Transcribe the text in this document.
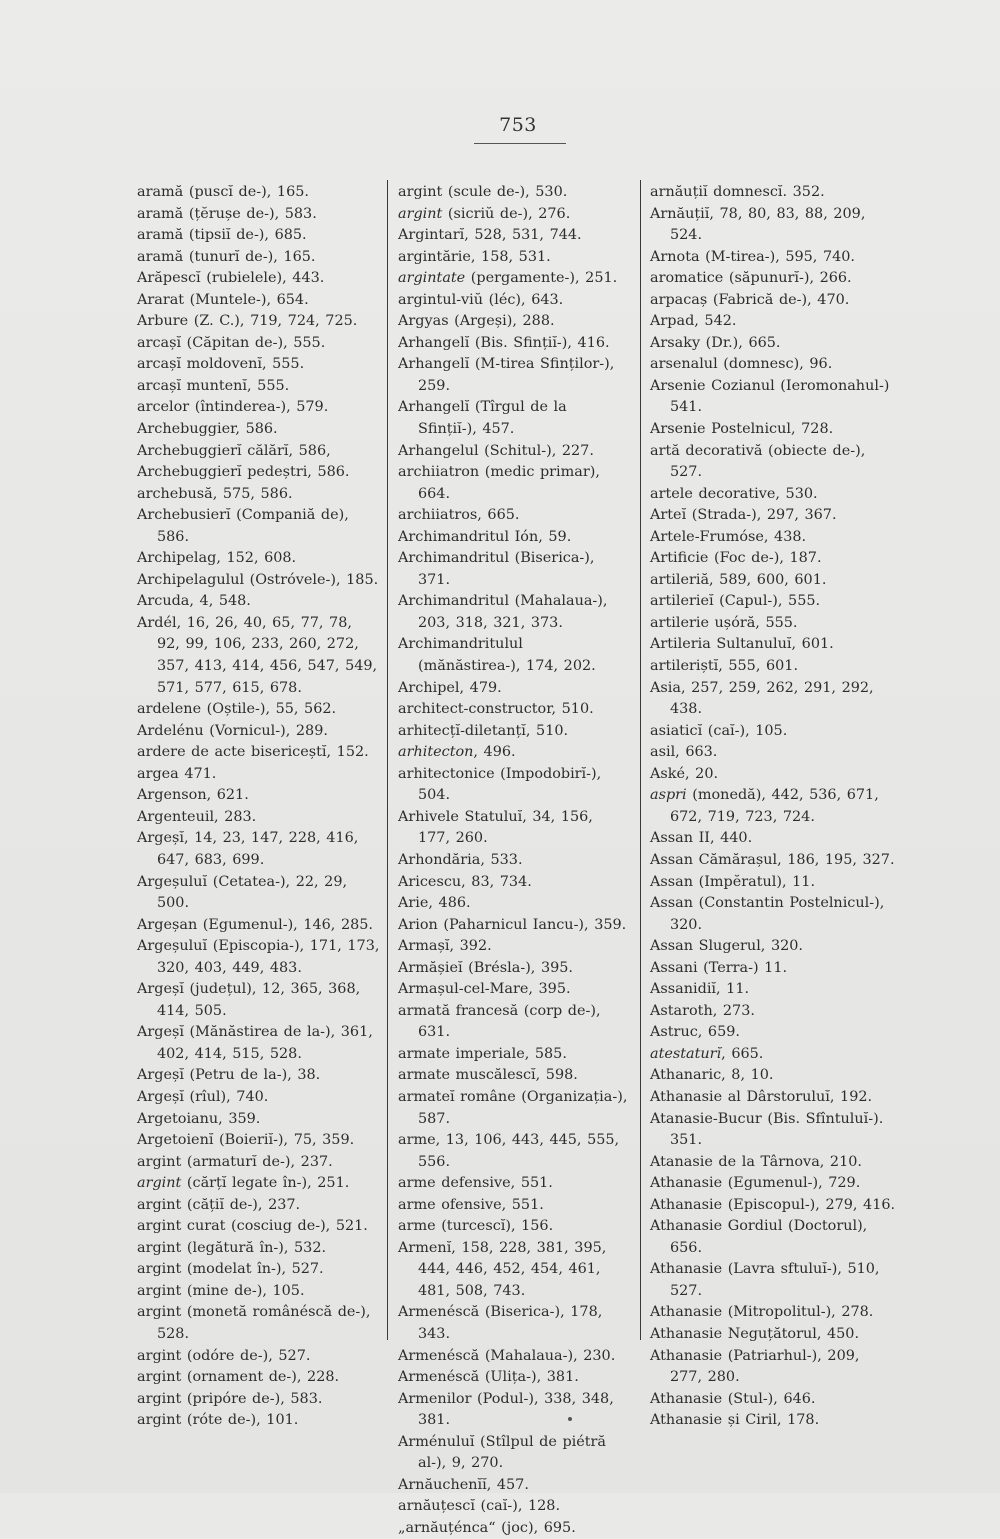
753
aramă (puscĭ de-), 165.
aramă (țĕrușe de-), 583.
aramă (tipsiĭ de-), 685.
aramă (tunurĭ de-), 165.
Arăpescĭ (rubielele), 443.
Ararat (Muntele-), 654.
Arbure (Z. C.), 719, 724, 725.
arcașĭ (Căpitan de-), 555.
arcașĭ moldovenĭ, 555.
arcașĭ muntenĭ, 555.
arcelor (întinderea-), 579.
Archebuggier, 586.
Archebuggierĭ călărĭ, 586,
Archebuggierĭ pedeștri, 586.
archebusă, 575, 586.
Archebusierĭ (Companiă de), 586.
Archipelag, 152, 608.
Archipelagulul (Ostróvele-), 185.
Arcuda, 4, 548.
Ardél, 16, 26, 40, 65, 77, 78, 92, 99, 106, 233, 260, 272, 357, 413, 414, 456, 547, 549, 571, 577, 615, 678.
ardelene (Oștile-), 55, 562.
Ardelénu (Vornicul-), 289.
ardere de acte bisericeștĭ, 152.
argea 471.
Argenson, 621.
Argenteuil, 283.
Argeșĭ, 14, 23, 147, 228, 416, 647, 683, 699.
Argeșuluĭ (Cetatea-), 22, 29, 500.
Argeșan (Egumenul-), 146, 285.
Argeșuluĭ (Episcopia-), 171, 173, 320, 403, 449, 483.
Argeșĭ (județul), 12, 365, 368, 414, 505.
Argeșĭ (Mănăstirea de la-), 361, 402, 414, 515, 528.
Argeșĭ (Petru de la-), 38.
Argeșĭ (rîul), 740.
Argetoianu, 359.
Argetoienĭ (Boieriĭ-), 75, 359.
argint (armaturĭ de-), 237.
argint (cărțĭ legate în-), 251.
argint (cățiĭ de-), 237.
argint curat (cosciug de-), 521.
argint (legătură în-), 532.
argint (modelat în-), 527.
argint (mine de-), 105.
argint (monetă românéscă de-), 528.
argint (odóre de-), 527.
argint (ornament de-), 228.
argint (pripóre de-), 583.
argint (róte de-), 101.
argint (scule de-), 530.
argint (sicriŭ de-), 276.
Argintarĭ, 528, 531, 744.
argintărie, 158, 531.
argintate (pergamente-), 251.
argintul-viŭ (léc), 643.
Argyas (Argeși), 288.
Arhangelĭ (Bis. Sfințiĭ-), 416.
Arhangelĭ (M-tirea Sfinților-), 259.
Arhangelĭ (Tîrgul de la Sfințiĭ-), 457.
Arhangelul (Schitul-), 227.
archiiatron (medic primar), 664.
archiiatros, 665.
Archimandritul Ión, 59.
Archimandritul (Biserica-), 371.
Archimandritul (Mahalaua-), 203, 318, 321, 373.
Archimandritulul (mănăstirea-), 174, 202.
Archipel, 479.
architect-constructor, 510.
arhitecțĭ-diletanțĭ, 510.
arhitecton, 496.
arhitectonice (Impodobirĭ-), 504.
Arhivele Statuluĭ, 34, 156, 177, 260.
Arhondăria, 533.
Aricescu, 83, 734.
Arie, 486.
Arion (Paharnicul Iancu-), 359.
Armașĭ, 392.
Armășieĭ (Brésla-), 395.
Armașul-cel-Mare, 395.
armată francesă (corp de-), 631.
armate imperiale, 585.
armate muscălescĭ, 598.
armateĭ române (Organizația-), 587.
arme, 13, 106, 443, 445, 555, 556.
arme defensive, 551.
arme ofensive, 551.
arme (turcescĭ), 156.
Armenĭ, 158, 228, 381, 395, 444, 446, 452, 454, 461, 481, 508, 743.
Armenéscă (Biserica-), 178, 343.
Armenéscă (Mahalaua-), 230.
Armenéscă (Ulița-), 381.
Armenilor (Podul-), 338, 348, 381.
Arménuluĭ (Stîlpul de piétră al-), 9, 270.
Arnăuchenĭĭ, 457.
arnăuțescĭ (caĭ-), 128.
„arnăuțénca“ (joc), 695.
arnăuțiĭ domnescĭ. 352.
Arnăuțiĭ, 78, 80, 83, 88, 209, 524.
Arnota (M-tirea-), 595, 740.
aromatice (săpunurĭ-), 266.
arpacaș (Fabrică de-), 470.
Arpad, 542.
Arsaky (Dr.), 665.
arsenalul (domnesc), 96.
Arsenie Cozianul (Ieromonahul-) 541.
Arsenie Postelnicul, 728.
artă decorativă (obiecte de-), 527.
artele decorative, 530.
Arteĭ (Strada-), 297, 367.
Artele-Frumóse, 438.
Artificie (Foc de-), 187.
artileriă, 589, 600, 601.
artilerieĭ (Capul-), 555.
artilerie ușóră, 555.
Artileria Sultanuluĭ, 601.
artileriștĭ, 555, 601.
Asia, 257, 259, 262, 291, 292, 438.
asiaticĭ (caĭ-), 105.
asil, 663.
Aské, 20.
aspri (monedă), 442, 536, 671, 672, 719, 723, 724.
Assan II, 440.
Assan Cămărașul, 186, 195, 327.
Assan (Impĕratul), 11.
Assan (Constantin Postelnicul-), 320.
Assan Slugerul, 320.
Assani (Terra-) 11.
Assanidiĭ, 11.
Astaroth, 273.
Astruc, 659.
atestaturĭ, 665.
Athanaric, 8, 10.
Athanasie al Dârstoruluĭ, 192.
Atanasie-Bucur (Bis. Sfîntuluĭ-). 351.
Atanasie de la Târnova, 210.
Athanasie (Egumenul-), 729.
Athanasie (Episcopul-), 279, 416.
Athanasie Gordiul (Doctorul), 656.
Athanasie (Lavra sftuluĭ-), 510, 527.
Athanasie (Mitropolitul-), 278.
Athanasie Neguțătorul, 450.
Athanasie (Patriarhul-), 209, 277, 280.
Athanasie (Stul-), 646.
Athanasie și Ciril, 178.
